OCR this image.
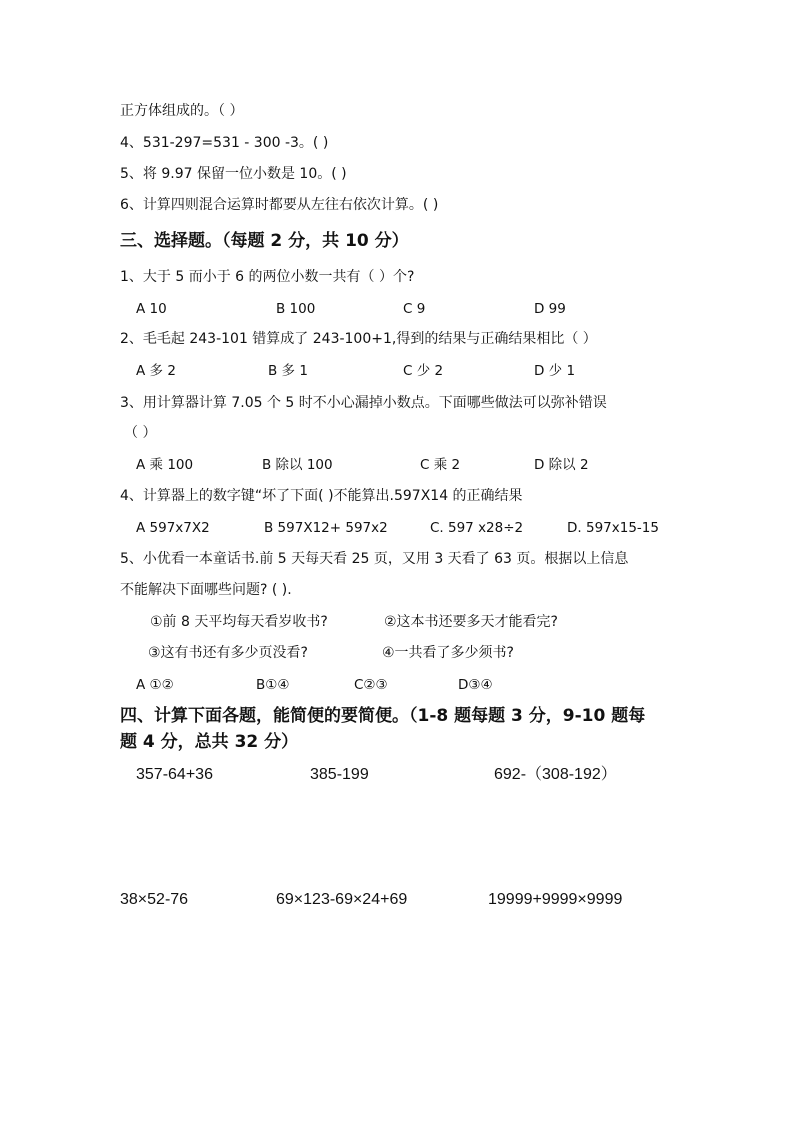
正方体组成的。（ ）
4、531-297=531 - 300 -3。( )
5、将 9.97 保留一位小数是 10。( )
6、计算四则混合运算时都要从左往右依次计算。( )
三、选择题。（每题 2 分，共 10 分）
1、大于 5 而小于 6 的两位小数一共有（ ）个?
A 10	B 100	C 9	D 99
2、毛毛起 243-101 错算成了 243-100+1,得到的结果与正确结果相比（ ）
A 多 2	B 多 1	C 少 2	D 少 1
3、用计算器计算 7.05 个 5 时不小心漏掉小数点。下面哪些做法可以弥补错误
（ ）
A 乘 100	B 除以 100	C 乘 2	D 除以 2
4、计算器上的数字键“坏了下面( )不能算出.597X14 的正确结果
A 597x7X2	B 597X12+ 597x2	C. 597 x28÷2	D. 597x15-15
5、小优看一本童话书.前 5 天每天看 25 页，又用 3 天看了 63 页。根据以上信息
不能解决下面哪些问题? ( ).
①前 8 天平均每天看岁收书?	②这本书还要多天才能看完?
③这有书还有多少页没看?	④一共看了多少须书?
A ①②	B①④	C②③	D③④
四、计算下面各题，能简便的要简便。（1-8 题每题 3 分，9-10 题每
题 4 分，总共 32 分）
357-64+36	385-199	692-（308-192）
38×52-76	69×123-69×24+69	19999+9999×9999
